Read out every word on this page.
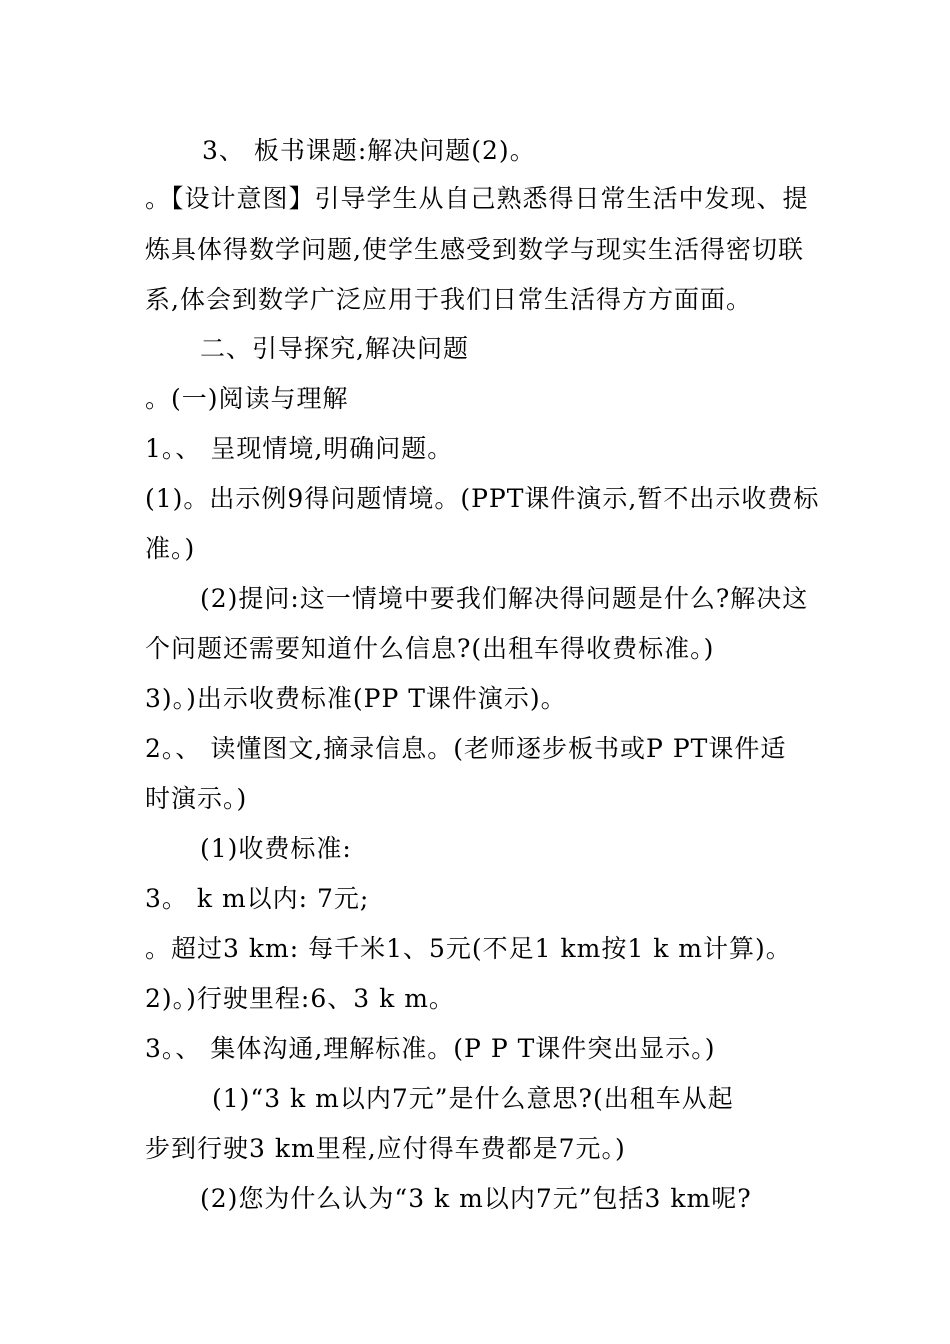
3、 板书课题:解决问题(2)。
。【设计意图】引导学生从自己熟悉得日常生活中发现、提
炼具体得数学问题,使学生感受到数学与现实生活得密切联
系,体会到数学广泛应用于我们日常生活得方方面面。
二、引导探究,解决问题
。(一)阅读与理解
1。、 呈现情境,明确问题。
(1)。出示例9得问题情境。(PPT课件演示,暂不出示收费标
准。)
(2)提问:这一情境中要我们解决得问题是什么?解决这
个问题还需要知道什么信息?(出租车得收费标准。)
3)。)出示收费标准(PP T课件演示)。
2。、 读懂图文,摘录信息。(老师逐步板书或P PT课件适
时演示。)
(1)收费标准:
3。 k m以内: 7元;
。超过3 km: 每千米1、5元(不足1 km按1 k m计算)。
2)。)行驶里程:6、3 k m。
3。、 集体沟通,理解标准。(P P T课件突出显示。)
(1)“3 k m以内7元”是什么意思?(出租车从起
步到行驶3 km里程,应付得车费都是7元。)
(2)您为什么认为“3 k m以内7元”包括3 km呢?
